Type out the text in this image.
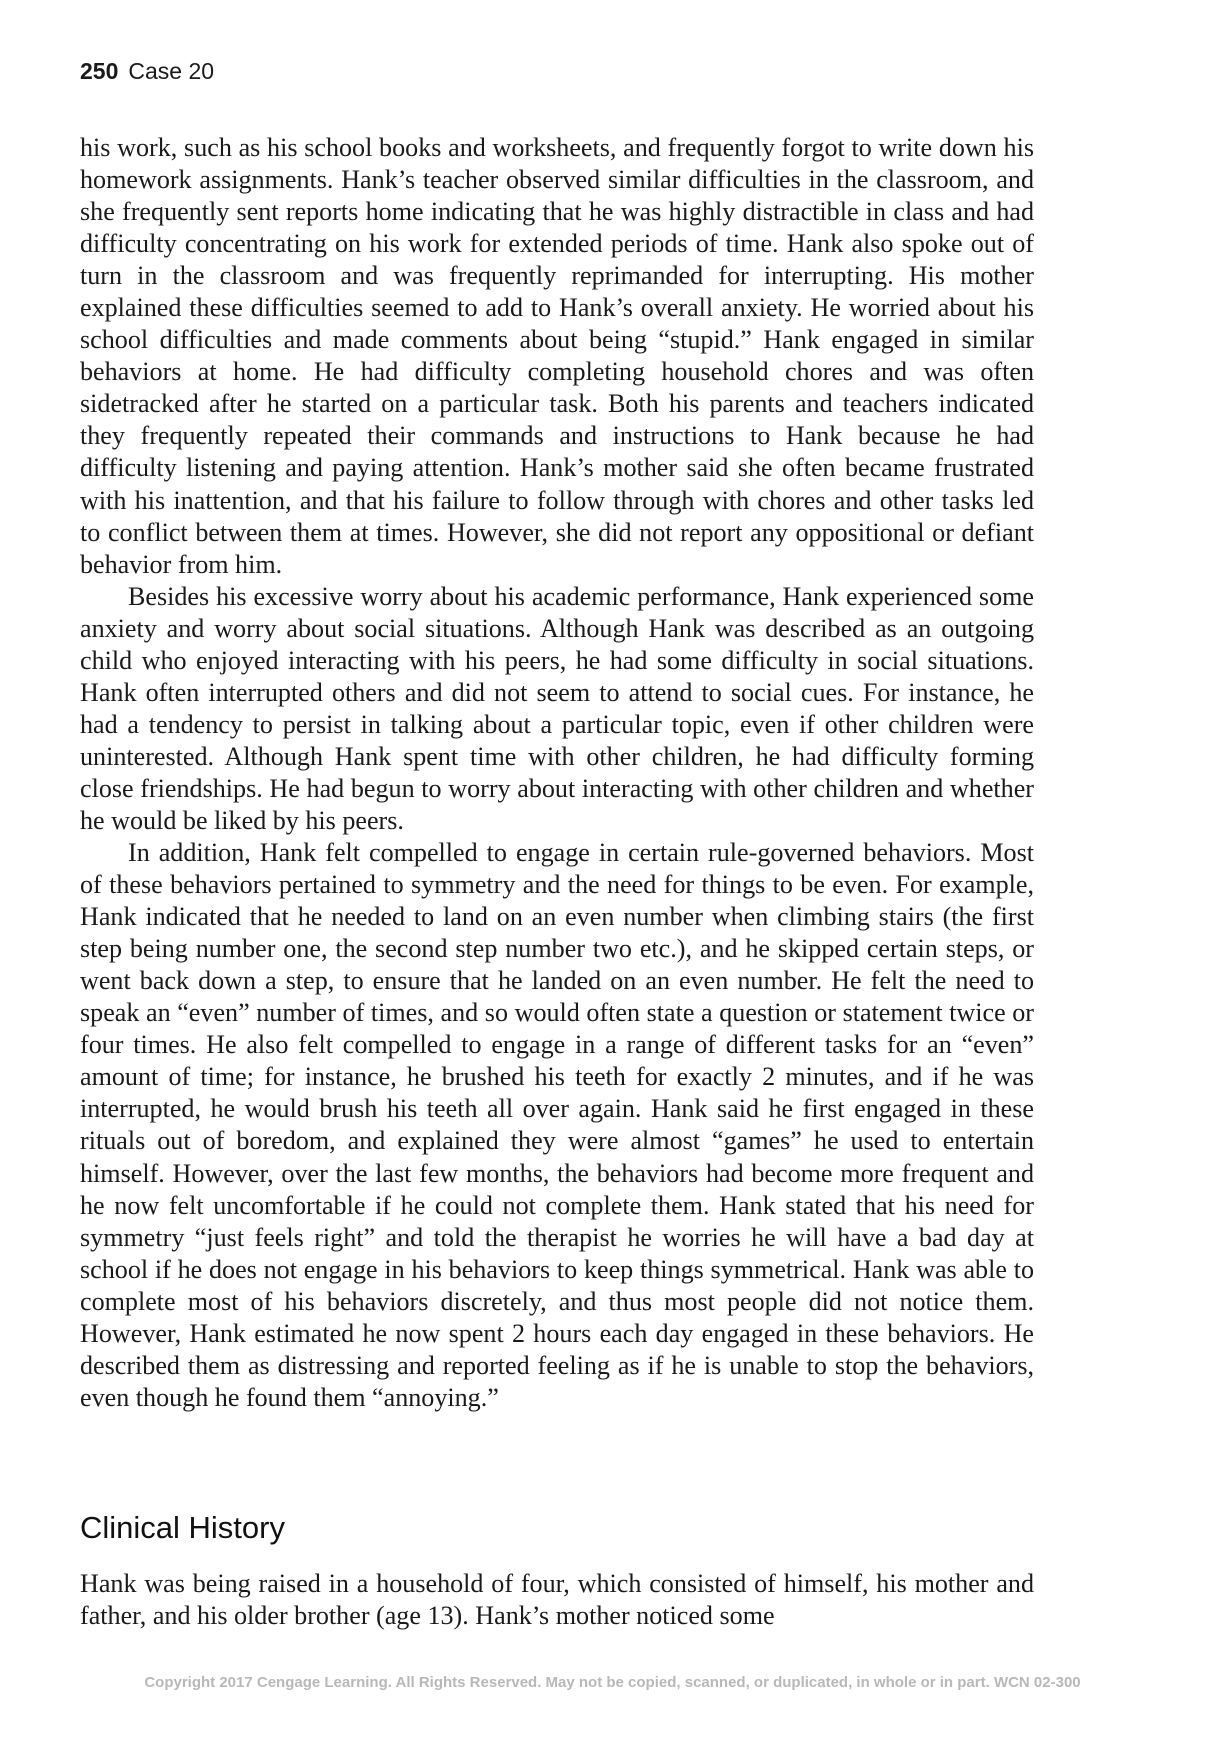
250 Case 20

his work, such as his school books and worksheets, and frequently forgot to write down his homework assignments. Hank’s teacher observed similar difficulties in the classroom, and she frequently sent reports home indicating that he was highly distractible in class and had difficulty concentrating on his work for extended periods of time. Hank also spoke out of turn in the classroom and was frequently reprimanded for interrupting. His mother explained these difficulties seemed to add to Hank’s overall anxiety. He worried about his school difficulties and made comments about being “stupid.” Hank engaged in similar behaviors at home. He had difficulty completing household chores and was often sidetracked after he started on a particular task. Both his parents and teachers indicated they frequently repeated their commands and instructions to Hank because he had difficulty listening and paying attention. Hank’s mother said she often became frustrated with his inattention, and that his failure to follow through with chores and other tasks led to conflict between them at times. However, she did not report any oppositional or defiant behavior from him.

Besides his excessive worry about his academic performance, Hank experienced some anxiety and worry about social situations. Although Hank was described as an outgoing child who enjoyed interacting with his peers, he had some difficulty in social situations. Hank often interrupted others and did not seem to attend to social cues. For instance, he had a tendency to persist in talking about a particular topic, even if other children were uninterested. Although Hank spent time with other children, he had difficulty forming close friendships. He had begun to worry about interacting with other children and whether he would be liked by his peers.

In addition, Hank felt compelled to engage in certain rule-governed behaviors. Most of these behaviors pertained to symmetry and the need for things to be even. For example, Hank indicated that he needed to land on an even number when climbing stairs (the first step being number one, the second step number two etc.), and he skipped certain steps, or went back down a step, to ensure that he landed on an even number. He felt the need to speak an “even” number of times, and so would often state a question or statement twice or four times. He also felt compelled to engage in a range of different tasks for an “even” amount of time; for instance, he brushed his teeth for exactly 2 minutes, and if he was interrupted, he would brush his teeth all over again. Hank said he first engaged in these rituals out of boredom, and explained they were almost “games” he used to entertain himself. However, over the last few months, the behaviors had become more frequent and he now felt uncomfortable if he could not complete them. Hank stated that his need for symmetry “just feels right” and told the therapist he worries he will have a bad day at school if he does not engage in his behaviors to keep things symmetrical. Hank was able to complete most of his behaviors discretely, and thus most people did not notice them. However, Hank estimated he now spent 2 hours each day engaged in these behaviors. He described them as distressing and reported feeling as if he is unable to stop the behaviors, even though he found them “annoying.”

Clinical History

Hank was being raised in a household of four, which consisted of himself, his mother and father, and his older brother (age 13). Hank’s mother noticed some

Copyright 2017 Cengage Learning. All Rights Reserved. May not be copied, scanned, or duplicated, in whole or in part. WCN 02-300
